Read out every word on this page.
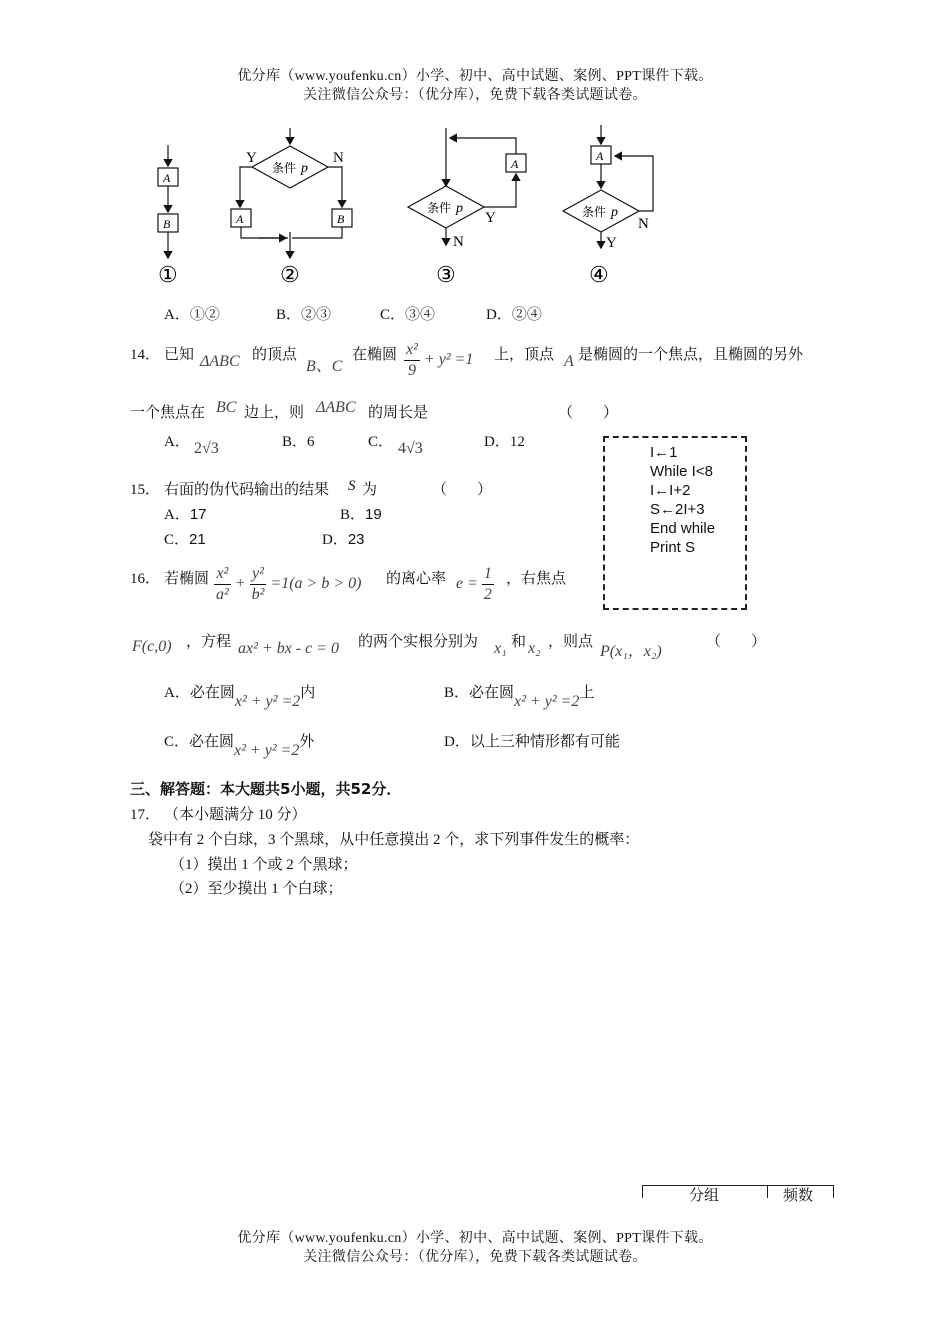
优分库（www.youfenku.cn）小学、初中、高中试题、案例、PPT课件下载。
关注微信公众号：（优分库），免费下载各类试题试卷。
A
B
①
条件 p
Y	N
A	B
②
条件 p
Y
A
N
③
A
条件 p
N
Y
④
A．①②	B．②③	C．③④	D．②④
14． 已知 ΔABC 的顶点
B、C
在椭圆 $\frac{\text{x²}}{9} + y^2 =1$ 上，顶点 A 是椭圆的一个焦点，且椭圆的另外
一个焦点在 BC 边上，则 ΔABC 的周长是	（　　）
A． 2√3	B．6	C． 4√3	D．12
I←1
While I<8
I←I+2
S←2I+3
End while
Print S
15． 右面的伪代码输出的结果 S 为	（　　）
A．17	B．19
C．21	D．23
16． 若椭圆 $\frac{\text{x²}}{\text{a²}} + \frac{\text{y²}}{\text{b²}} =1(a > b > 0)$ 的离心率 $e = \frac{1}{2}$ ，右焦点
F(c,0) ，方程 ax² + bx - c = 0 的两个实根分别为 x₁ 和 x₂ ，则点
P(x₁，x₂)
（　　）
A．必在圆x² + y² =2内	B．必在圆x² + y² =2上
C．必在圆x² + y² =2外	D．以上三种情形都有可能
三、解答题：本大题共5小题，共52分．
17． （本小题满分 10 分）
袋中有 2 个白球，3 个黑球，从中任意摸出 2 个，求下列事件发生的概率：
（1）摸出 1 个或 2 个黑球；
（2）至少摸出 1 个白球；
分组	频数
优分库（www.youfenku.cn）小学、初中、高中试题、案例、PPT课件下载。
关注微信公众号：（优分库），免费下载各类试题试卷。
